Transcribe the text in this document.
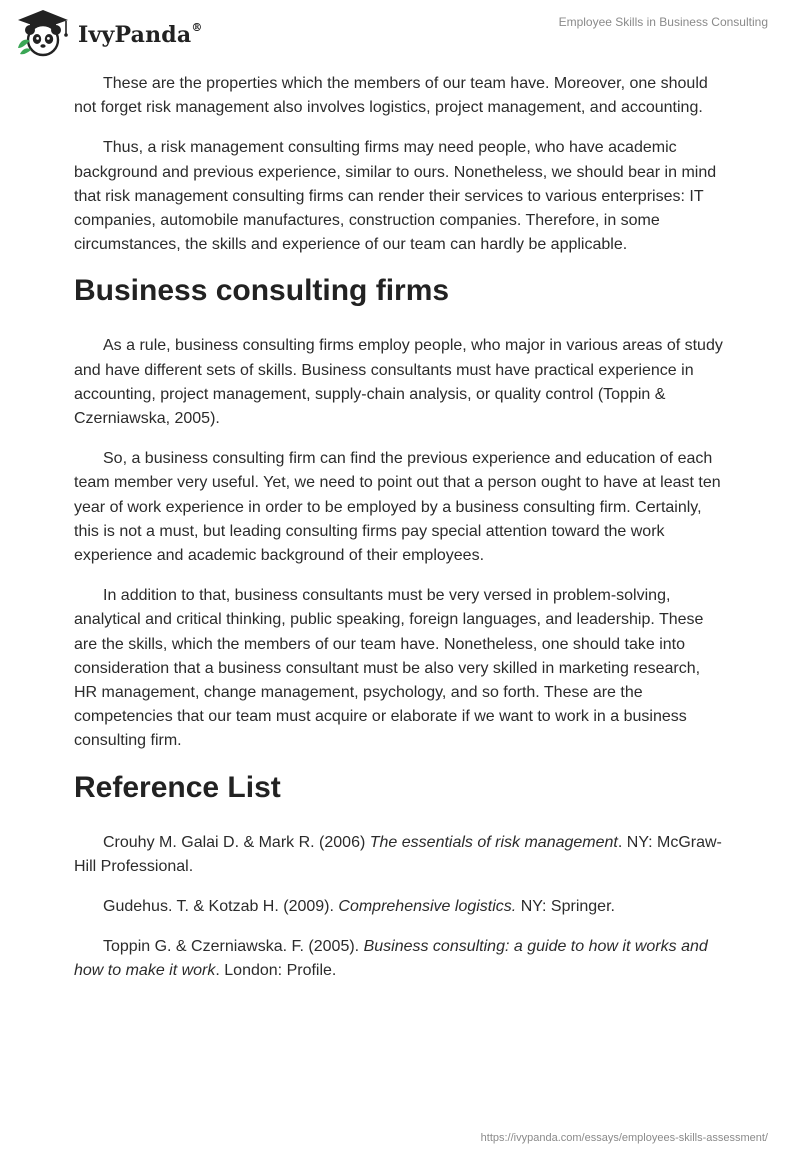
IvyPanda®	Employee Skills in Business Consulting

These are the properties which the members of our team have. Moreover, one should not forget risk management also involves logistics, project management, and accounting.

Thus, a risk management consulting firms may need people, who have academic background and previous experience, similar to ours. Nonetheless, we should bear in mind that risk management consulting firms can render their services to various enterprises: IT companies, automobile manufactures, construction companies. Therefore, in some circumstances, the skills and experience of our team can hardly be applicable.

Business consulting firms

As a rule, business consulting firms employ people, who major in various areas of study and have different sets of skills. Business consultants must have practical experience in accounting, project management, supply-chain analysis, or quality control (Toppin & Czerniawska, 2005).

So, a business consulting firm can find the previous experience and education of each team member very useful. Yet, we need to point out that a person ought to have at least ten year of work experience in order to be employed by a business consulting firm. Certainly, this is not a must, but leading consulting firms pay special attention toward the work experience and academic background of their employees.

In addition to that, business consultants must be very versed in problem-solving, analytical and critical thinking, public speaking, foreign languages, and leadership. These are the skills, which the members of our team have. Nonetheless, one should take into consideration that a business consultant must be also very skilled in marketing research, HR management, change management, psychology, and so forth. These are the competencies that our team must acquire or elaborate if we want to work in a business consulting firm.

Reference List

Crouhy M. Galai D. & Mark R. (2006) The essentials of risk management. NY: McGraw-Hill Professional.

Gudehus. T. & Kotzab H. (2009). Comprehensive logistics. NY: Springer.

Toppin G. & Czerniawska. F. (2005). Business consulting: a guide to how it works and how to make it work. London: Profile.

https://ivypanda.com/essays/employees-skills-assessment/
